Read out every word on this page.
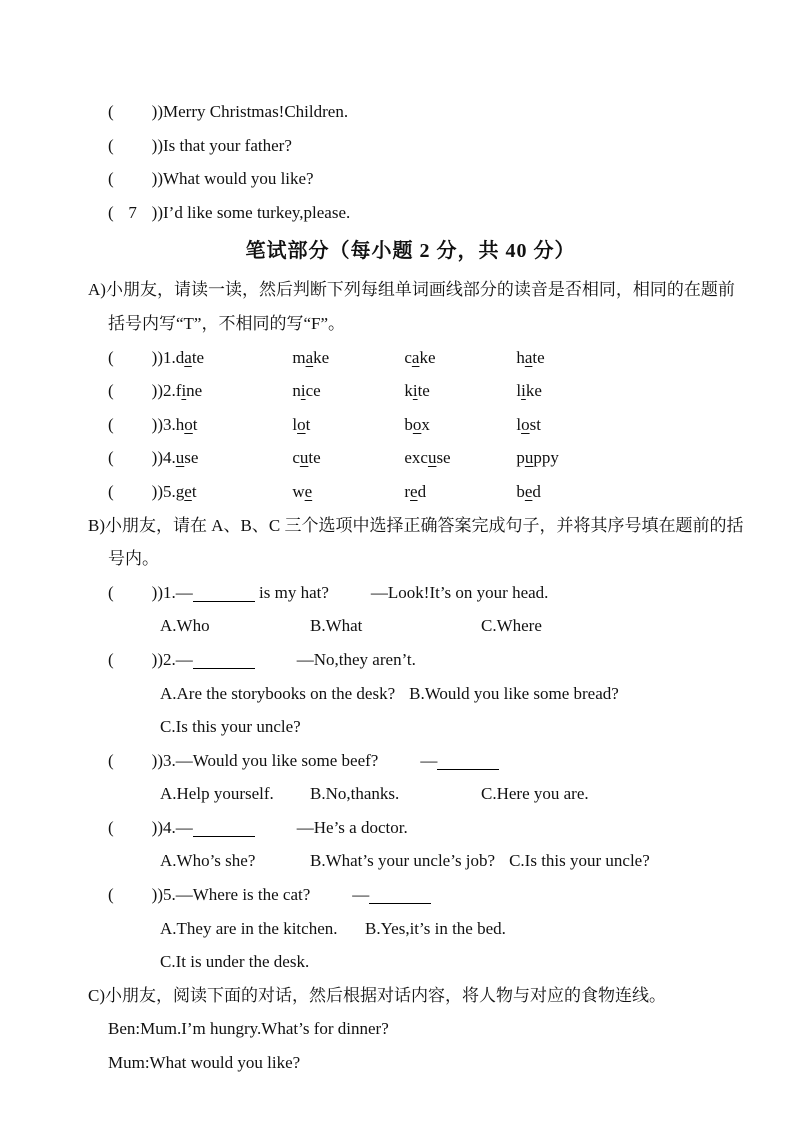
( ))Merry Christmas!Children.
( ))Is that your father?
( ))What would you like?
( 7 ))I’d like some turkey,please.
笔试部分（每小题 2 分，共 40 分）
A)小朋友，请读一读，然后判断下列每组单词画线部分的读音是否相同，相同的在题前
括号内写“T”，不相同的写“F”。
( ))1.date	make	cake	hate
( ))2.fine	nice	kite	like
( ))3.hot	lot	box	lost
( ))4.use	cute	excuse	puppy
( ))5.get	we	red	bed
B)小朋友，请在 A、B、C 三个选项中选择正确答案完成句子，并将其序号填在题前的括
号内。
( ))1.—	is my hat? —Look!It’s on your head.
A.Who	B.What	C.Where
( ))2.—	—No,they aren’t.
A.Are the storybooks on the desk? B.Would you like some bread?
C.Is this your uncle?
( ))3.—Would you like some beef? —
A.Help yourself. B.No,thanks.	C.Here you are.
( ))4.—	—He’s a doctor.
A.Who’s she?	B.What’s your uncle’s job? C.Is this your uncle?
( ))5.—Where is the cat? —
A.They are in the kitchen. B.Yes,it’s in the bed.
C.It is under the desk.
C)小朋友，阅读下面的对话，然后根据对话内容，将人物与对应的食物连线。
Ben:Mum.I’m hungry.What’s for dinner?
Mum:What would you like?
